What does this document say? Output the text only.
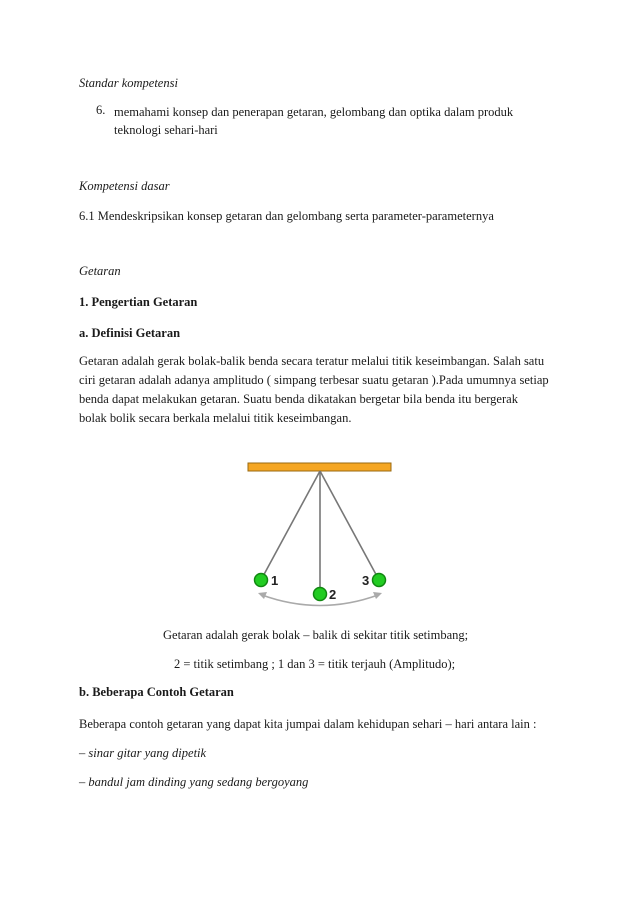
Standar kompetensi
6. memahami konsep dan penerapan getaran, gelombang dan optika dalam produk
teknologi sehari-hari
Kompetensi dasar
6.1 Mendeskripsikan konsep getaran dan gelombang serta parameter-parameternya
Getaran
1. Pengertian Getaran
a. Definisi Getaran
Getaran adalah gerak bolak-balik benda secara teratur melalui titik keseimbangan. Salah satu
ciri getaran adalah adanya amplitudo ( simpang terbesar suatu getaran ).Pada umumnya setiap
benda dapat melakukan getaran. Suatu benda dikatakan bergetar bila benda itu bergerak
bolak bolik secara berkala melalui titik keseimbangan.
1
2
3
Getaran adalah gerak bolak – balik di sekitar titik setimbang;
2 = titik setimbang ; 1 dan 3 = titik terjauh (Amplitudo);
b. Beberapa Contoh Getaran
Beberapa contoh getaran yang dapat kita jumpai dalam kehidupan sehari – hari antara lain :
– sinar gitar yang dipetik
– bandul jam dinding yang sedang bergoyang
